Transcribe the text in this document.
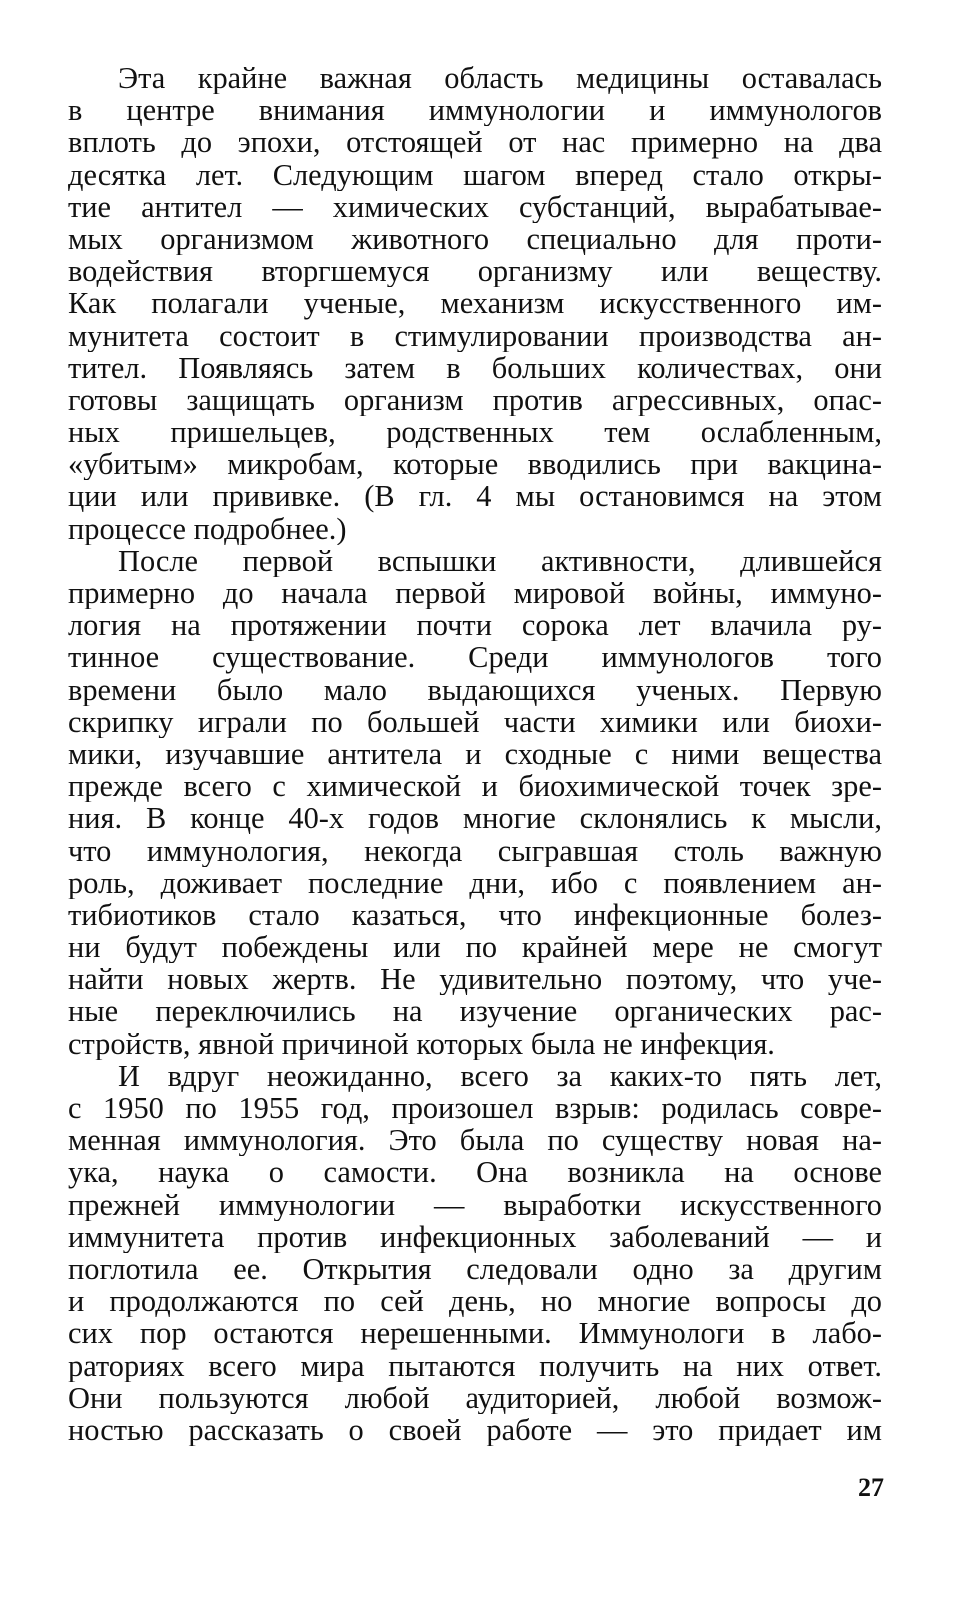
Эта крайне важная область медицины оставалась
в центре внимания иммунологии и иммунологов
вплоть до эпохи, отстоящей от нас примерно на два
десятка лет. Следующим шагом вперед стало откры-
тие антител — химических субстанций, вырабатывае-
мых организмом животного специально для проти-
водействия вторгшемуся организму или веществу.
Как полагали ученые, механизм искусственного им-
мунитета состоит в стимулировании производства ан-
тител. Появляясь затем в больших количествах, они
готовы защищать организм против агрессивных, опас-
ных пришельцев, родственных тем ослабленным,
«убитым» микробам, которые вводились при вакцина-
ции или прививке. (В гл. 4 мы остановимся на этом
процессе подробнее.)
После первой вспышки активности, длившейся
примерно до начала первой мировой войны, иммуно-
логия на протяжении почти сорока лет влачила ру-
тинное существование. Среди иммунологов того
времени было мало выдающихся ученых. Первую
скрипку играли по большей части химики или биохи-
мики, изучавшие антитела и сходные с ними вещества
прежде всего с химической и биохимической точек зре-
ния. В конце 40-х годов многие склонялись к мысли,
что иммунология, некогда сыгравшая столь важную
роль, доживает последние дни, ибо с появлением ан-
тибиотиков стало казаться, что инфекционные болез-
ни будут побеждены или по крайней мере не смогут
найти новых жертв. Не удивительно поэтому, что уче-
ные переключились на изучение органических рас-
стройств, явной причиной которых была не инфекция.
И вдруг неожиданно, всего за каких-то пять лет,
с 1950 по 1955 год, произошел взрыв: родилась совре-
менная иммунология. Это была по существу новая на-
ука, наука о самости. Она возникла на основе
прежней иммунологии — выработки искусственного
иммунитета против инфекционных заболеваний — и
поглотила ее. Открытия следовали одно за другим
и продолжаются по сей день, но многие вопросы до
сих пор остаются нерешенными. Иммунологи в лабо-
раториях всего мира пытаются получить на них ответ.
Они пользуются любой аудиторией, любой возмож-
ностью рассказать о своей работе — это придает им
27
